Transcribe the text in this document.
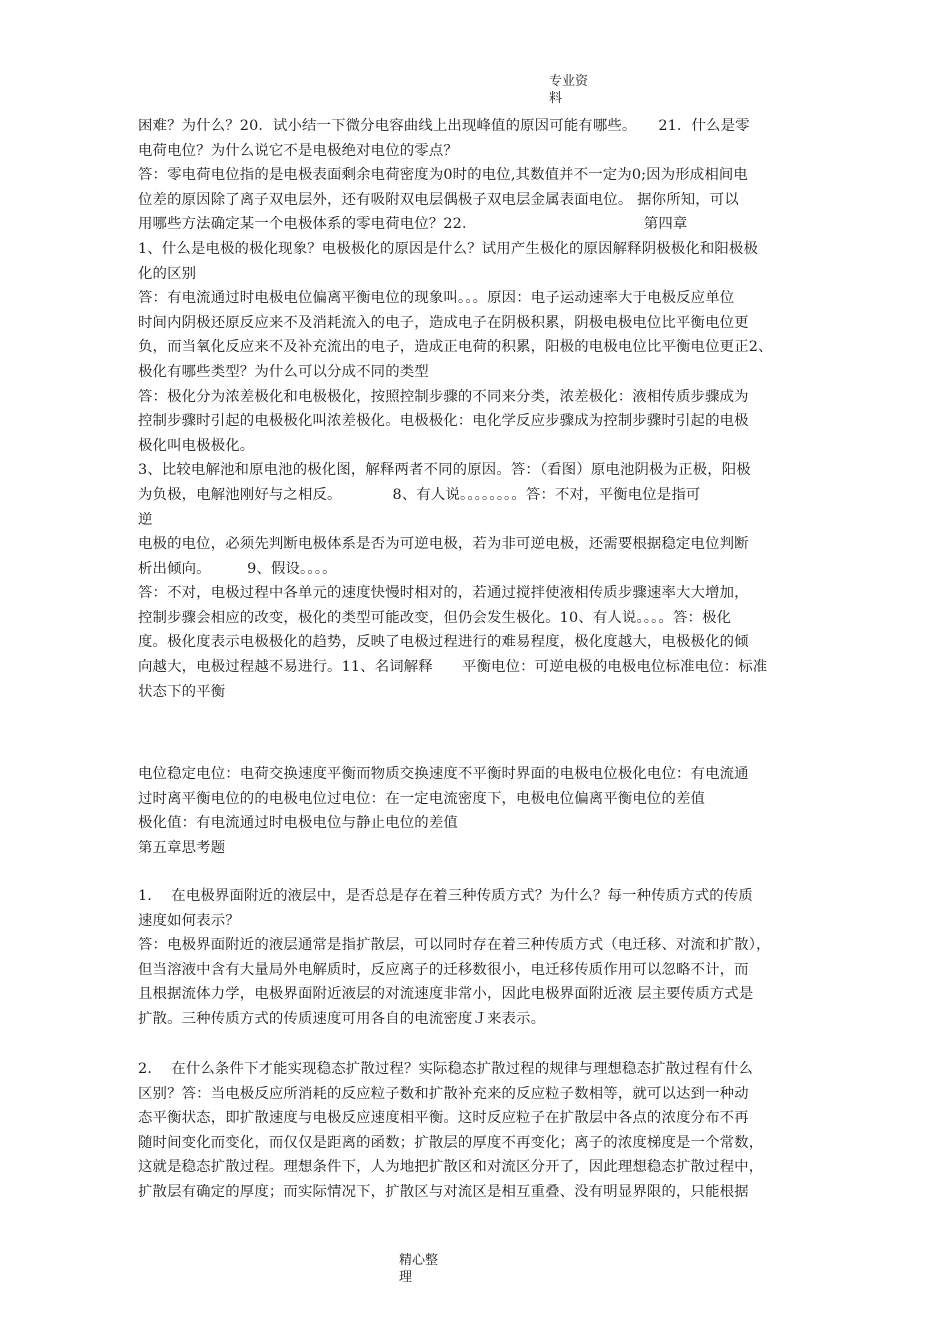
专业资
料

困难？为什么？20．试小结一下微分电容曲线上出现峰值的原因可能有哪些。　　21．什么是零

电荷电位？为什么说它不是电极绝对电位的零点？

答：零电荷电位指的是电极表面剩余电荷密度为0时的电位,其数值并不一定为0;因为形成相间电

位差的原因除了离子双电层外，还有吸附双电层偶极子双电层金属表面电位。 据你所知，可以

用哪些方法确定某一个电极体系的零电荷电位？22．　　　　　　　　　　　　第四章

1、什么是电极的极化现象？电极极化的原因是什么？试用产生极化的原因解释阴极极化和阳极极

化的区别

答：有电流通过时电极电位偏离平衡电位的现象叫。。。原因：电子运动速率大于电极反应单位

时间内阴极还原反应来不及消耗流入的电子，造成电子在阴极积累，阴极电极电位比平衡电位更

负，而当氧化反应来不及补充流出的电子，造成正电荷的积累，阳极的电极电位比平衡电位更正2、

极化有哪些类型？为什么可以分成不同的类型

答：极化分为浓差极化和电极极化，按照控制步骤的不同来分类，浓差极化：液相传质步骤成为

控制步骤时引起的电极极化叫浓差极化。电极极化：电化学反应步骤成为控制步骤时引起的电极

极化叫电极极化。

3、比较电解池和原电池的极化图，解释两者不同的原因。答：（看图）原电池阴极为正极，阳极

为负极，电解池刚好与之相反。　　　　8、有人说。。。。。。。。答：不对，平衡电位是指可

逆

电极的电位，必须先判断电极体系是否为可逆电极，若为非可逆电极，还需要根据稳定电位判断

析出倾向。　　　9、假设。。。。

答：不对，电极过程中各单元的速度快慢时相对的，若通过搅拌使液相传质步骤速率大大增加，

控制步骤会相应的改变，极化的类型可能改变，但仍会发生极化。10、有人说。。。。答：极化

度。极化度表示电极极化的趋势，反映了电极过程进行的难易程度，极化度越大，电极极化的倾

向越大，电极过程越不易进行。11、名词解释　　平衡电位：可逆电极的电极电位标准电位：标准

状态下的平衡

电位稳定电位：电荷交换速度平衡而物质交换速度不平衡时界面的电极电位极化电位：有电流通

过时离平衡电位的的电极电位过电位：在一定电流密度下，电极电位偏离平衡电位的差值

极化值：有电流通过时电极电位与静止电位的差值

第五章思考题

1.　 在电极界面附近的液层中，是否总是存在着三种传质方式？为什么？每一种传质方式的传质

速度如何表示？

答：电极界面附近的液层通常是指扩散层，可以同时存在着三种传质方式（电迁移、对流和扩散），

但当溶液中含有大量局外电解质时，反应离子的迁移数很小，电迁移传质作用可以忽略不计，而

且根据流体力学，电极界面附近液层的对流速度非常小，因此电极界面附近液 层主要传质方式是

扩散。三种传质方式的传质速度可用各自的电流密度Ｊ来表示。

2.　 在什么条件下才能实现稳态扩散过程？实际稳态扩散过程的规律与理想稳态扩散过程有什么

区别？答：当电极反应所消耗的反应粒子数和扩散补充来的反应粒子数相等，就可以达到一种动

态平衡状态，即扩散速度与电极反应速度相平衡。这时反应粒子在扩散层中各点的浓度分布不再

随时间变化而变化，而仅仅是距离的函数；扩散层的厚度不再变化；离子的浓度梯度是一个常数，

这就是稳态扩散过程。理想条件下，人为地把扩散区和对流区分开了，因此理想稳态扩散过程中，

扩散层有确定的厚度；而实际情况下，扩散区与对流区是相互重叠、没有明显界限的，只能根据

精心整
理
